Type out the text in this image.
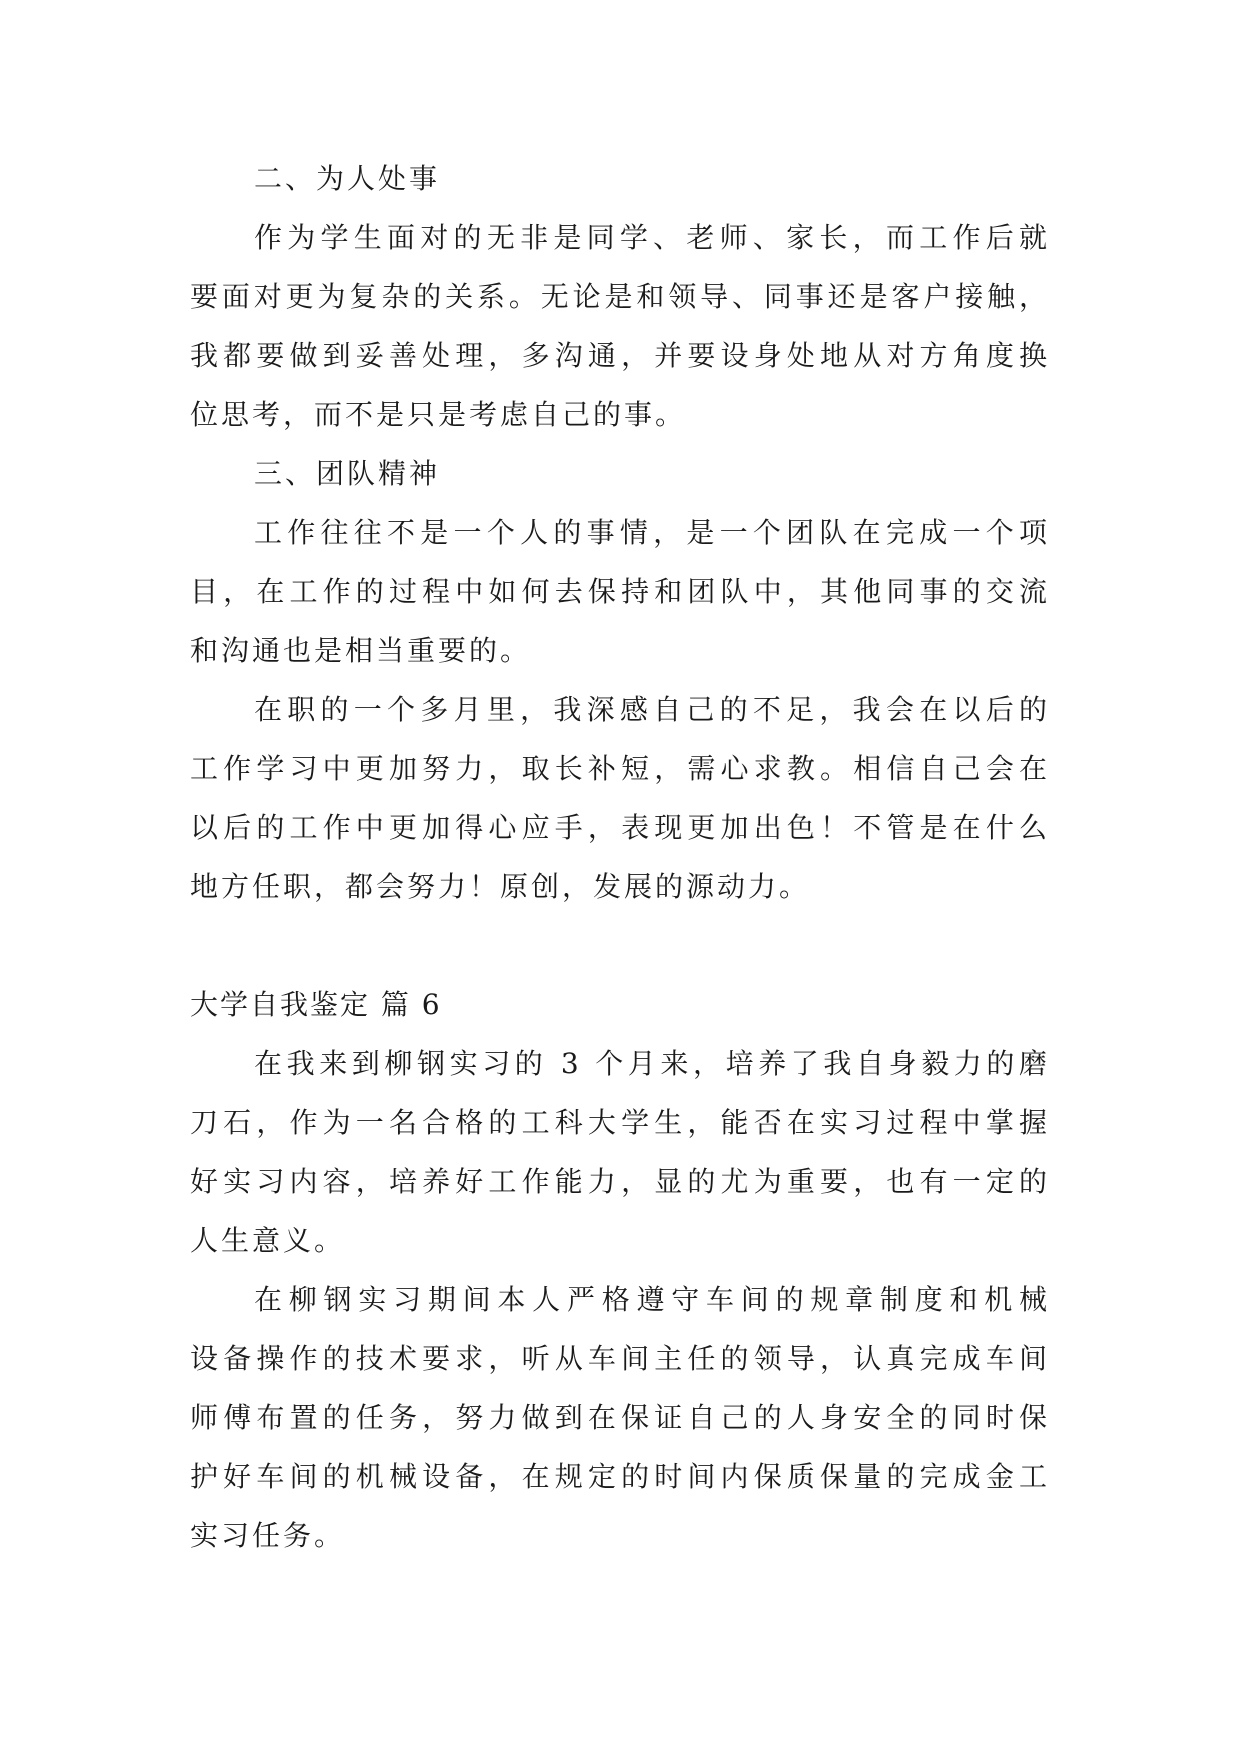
二、为人处事

作为学生面对的无非是同学、老师、家长，而工作后就

要面对更为复杂的关系。无论是和领导、同事还是客户接触，

我都要做到妥善处理，多沟通，并要设身处地从对方角度换

位思考，而不是只是考虑自己的事。

三、团队精神

工作往往不是一个人的事情，是一个团队在完成一个项

目，在工作的过程中如何去保持和团队中，其他同事的交流

和沟通也是相当重要的。

在职的一个多月里，我深感自己的不足，我会在以后的

工作学习中更加努力，取长补短，需心求教。相信自己会在

以后的工作中更加得心应手，表现更加出色！不管是在什么

地方任职，都会努力！原创，发展的源动力。

大学自我鉴定 篇 6

在我来到柳钢实习的 3 个月来，培养了我自身毅力的磨

刀石，作为一名合格的工科大学生，能否在实习过程中掌握

好实习内容，培养好工作能力，显的尤为重要，也有一定的

人生意义。

在柳钢实习期间本人严格遵守车间的规章制度和机械

设备操作的技术要求，听从车间主任的领导，认真完成车间

师傅布置的任务，努力做到在保证自己的人身安全的同时保

护好车间的机械设备，在规定的时间内保质保量的完成金工

实习任务。
